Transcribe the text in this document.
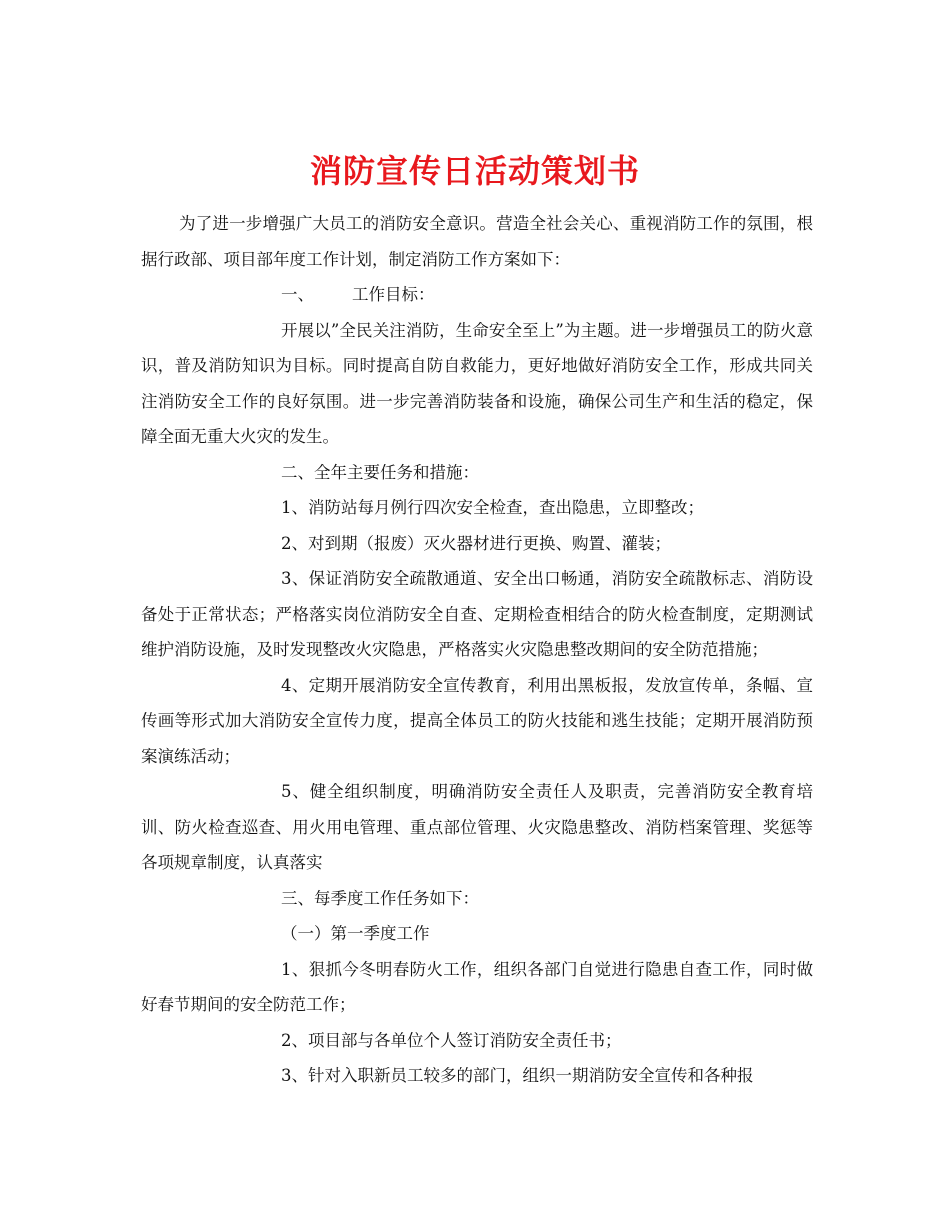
消防宣传日活动策划书

为了进一步增强广大员工的消防安全意识。营造全社会关心、重视消防工作的氛围，根据行政部、项目部年度工作计划，制定消防工作方案如下：

一、 工作目标：

开展以”全民关注消防，生命安全至上”为主题。进一步增强员工的防火意识，普及消防知识为目标。同时提高自防自救能力，更好地做好消防安全工作，形成共同关注消防安全工作的良好氛围。进一步完善消防装备和设施，确保公司生产和生活的稳定，保障全面无重大火灾的发生。

二、全年主要任务和措施：

1、消防站每月例行四次安全检查，查出隐患，立即整改；

2、对到期（报废）灭火器材进行更换、购置、灌装；

3、保证消防安全疏散通道、安全出口畅通，消防安全疏散标志、消防设备处于正常状态；严格落实岗位消防安全自查、定期检查相结合的防火检查制度，定期测试维护消防设施，及时发现整改火灾隐患，严格落实火灾隐患整改期间的安全防范措施；

4、定期开展消防安全宣传教育，利用出黑板报，发放宣传单，条幅、宣传画等形式加大消防安全宣传力度，提高全体员工的防火技能和逃生技能；定期开展消防预案演练活动；

5、健全组织制度，明确消防安全责任人及职责，完善消防安全教育培训、防火检查巡查、用火用电管理、重点部位管理、火灾隐患整改、消防档案管理、奖惩等各项规章制度，认真落实

三、每季度工作任务如下：

（一）第一季度工作

1、狠抓今冬明春防火工作，组织各部门自觉进行隐患自查工作，同时做好春节期间的安全防范工作；

2、项目部与各单位个人签订消防安全责任书；

3、针对入职新员工较多的部门，组织一期消防安全宣传和各种报
